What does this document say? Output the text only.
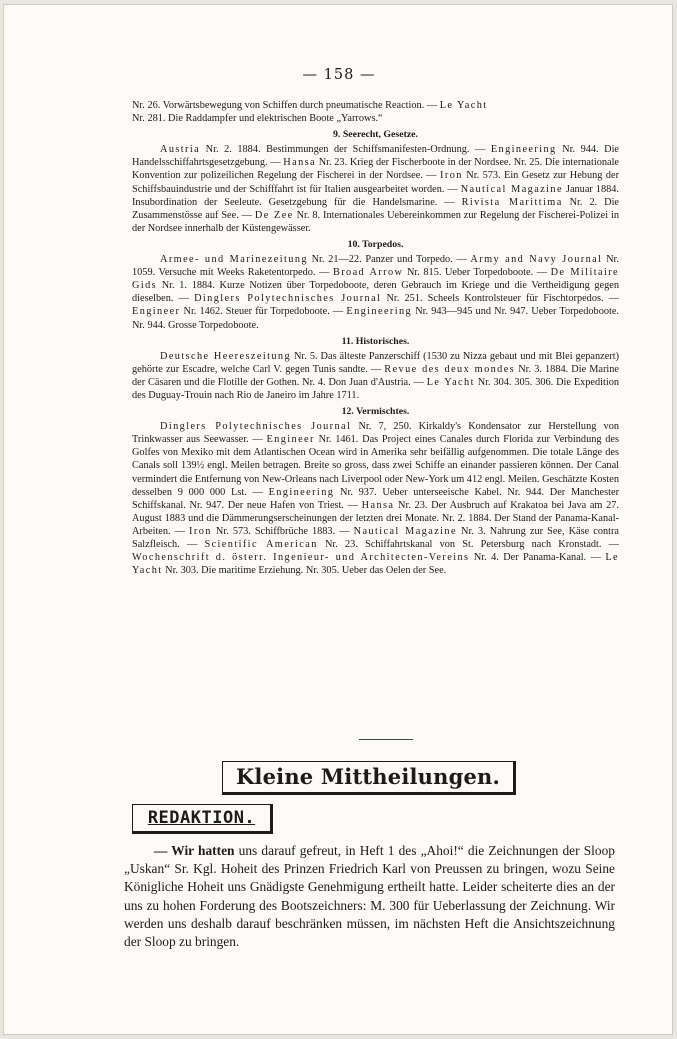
— 158 —

Nr. 26. Vorwärtsbewegung von Schiffen durch pneumatische Reaction. — Le Yacht
Nr. 281. Die Raddampfer und elektrischen Boote „Yarrows.“

9. Seerecht, Gesetze.

Austria Nr. 2. 1884. Bestimmungen der Schiffsmanifesten-Ordnung. — Engineering Nr. 944. Die Handelsschiffahrtsgesetzgebung. — Hansa Nr. 23. Krieg der Fischerboote in der Nordsee. Nr. 25. Die internationale Konvention zur polizeilichen Regelung der Fischerei in der Nordsee. — Iron Nr. 573. Ein Gesetz zur Hebung der Schiffsbauindustrie und der Schifffahrt ist für Italien ausgearbeitet worden. — Nautical Magazine Januar 1884. Insubordination der Seeleute. Gesetzgebung für die Handelsmarine. — Rivista Marittima Nr. 2. Die Zusammenstösse auf See. — De Zee Nr. 8. Internationales Uebereinkommen zur Regelung der Fischerei-Polizei in der Nordsee innerhalb der Küstengewässer.

10. Torpedos.

Armee- und Marinezeitung Nr. 21—22. Panzer und Torpedo. — Army and Navy Journal Nr. 1059. Versuche mit Weeks Raketentorpedo. — Broad Arrow Nr. 815. Ueber Torpedoboote. — De Militaire Gids Nr. 1. 1884. Kurze Notizen über Torpedoboote, deren Gebrauch im Kriege und die Vertheidigung gegen dieselben. — Dinglers Polytechnisches Journal Nr. 251. Scheels Kontrolsteuer für Fischtorpedos. — Engineer Nr. 1462. Steuer für Torpedoboote. — Engineering Nr. 943—945 und Nr. 947. Ueber Torpedoboote. Nr. 944. Grosse Torpedoboote.

11. Historisches.

Deutsche Heereszeitung Nr. 5. Das älteste Panzerschiff (1530 zu Nizza gebaut und mit Blei gepanzert) gehörte zur Escadre, welche Carl V. gegen Tunis sandte. — Revue des deux mondes Nr. 3. 1884. Die Marine der Cäsaren und die Flotille der Gothen. Nr. 4. Don Juan d'Austria. — Le Yacht Nr. 304. 305. 306. Die Expedition des Duguay-Trouin nach Rio de Janeiro im Jahre 1711.

12. Vermischtes.

Dinglers Polytechnisches Journal Nr. 7, 250. Kirkaldy's Kondensator zur Herstellung von Trinkwasser aus Seewasser. — Engineer Nr. 1461. Das Project eines Canales durch Florida zur Verbindung des Golfes von Mexiko mit dem Atlantischen Ocean wird in Amerika sehr beifällig aufgenommen. Die totale Länge des Canals soll 139½ engl. Meilen betragen. Breite so gross, dass zwei Schiffe an einander passieren können. Der Canal vermindert die Entfernung von New-Orleans nach Liverpool oder New-York um 412 engl. Meilen. Geschätzte Kosten desselben 9 000 000 Lst. — Engineering Nr. 937. Ueber unterseeische Kabel. Nr. 944. Der Manchester Schiffskanal. Nr. 947. Der neue Hafen von Triest. — Hansa Nr. 23. Der Ausbruch auf Krakatoa bei Java am 27. August 1883 und die Dämmerungserscheinungen der letzten drei Monate. Nr. 2. 1884. Der Stand der Panama-Kanal-Arbeiten. — Iron Nr. 573. Schiffbrüche 1883. — Nautical Magazine Nr. 3. Nahrung zur See, Käse contra Salzfleisch. — Scientific American Nr. 23. Schiffahrtskanal von St. Petersburg nach Kronstadt. — Wochenschrift d. österr. Ingenieur- und Architecten-Vereins Nr. 4. Der Panama-Kanal. — Le Yacht Nr. 303. Die maritime Erziehung. Nr. 305. Ueber das Oelen der See.

Kleine Mittheilungen.
REDAKTION.

— Wir hatten uns darauf gefreut, in Heft 1 des „Ahoi!“ die Zeichnungen der Sloop „Uskan“ Sr. Kgl. Hoheit des Prinzen Friedrich Karl von Preussen zu bringen, wozu Seine Königliche Hoheit uns Gnädigste Genehmigung ertheilt hatte. Leider scheiterte dies an der uns zu hohen Forderung des Bootszeichners: M. 300 für Ueberlassung der Zeichnung. Wir werden uns deshalb darauf beschränken müssen, im nächsten Heft die Ansichtszeichnung der Sloop zu bringen.
